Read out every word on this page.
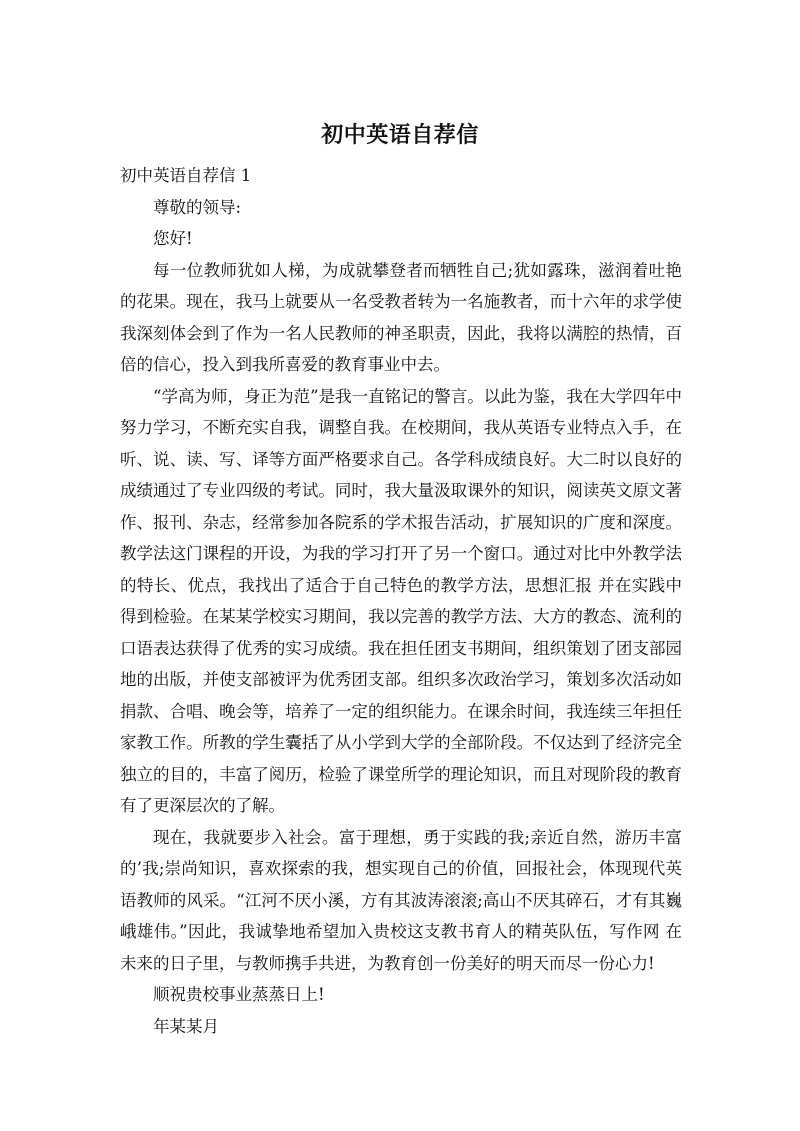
初中英语自荐信

初中英语自荐信 1

尊敬的领导:

您好!

每一位教师犹如人梯，为成就攀登者而牺牲自己;犹如露珠，滋润着吐艳的花果。现在，我马上就要从一名受教者转为一名施教者，而十六年的求学使我深刻体会到了作为一名人民教师的神圣职责，因此，我将以满腔的热情，百倍的信心，投入到我所喜爱的教育事业中去。

“学高为师，身正为范”是我一直铭记的警言。以此为鉴，我在大学四年中努力学习，不断充实自我，调整自我。在校期间，我从英语专业特点入手，在听、说、读、写、译等方面严格要求自己。各学科成绩良好。大二时以良好的成绩通过了专业四级的考试。同时，我大量汲取课外的知识，阅读英文原文著作、报刊、杂志，经常参加各院系的学术报告活动，扩展知识的广度和深度。教学法这门课程的开设，为我的学习打开了另一个窗口。通过对比中外教学法的特长、优点，我找出了适合于自己特色的教学方法，思想汇报 并在实践中得到检验。在某某学校实习期间，我以完善的教学方法、大方的教态、流利的口语表达获得了优秀的实习成绩。我在担任团支书期间，组织策划了团支部园地的出版，并使支部被评为优秀团支部。组织多次政治学习，策划多次活动如捐款、合唱、晚会等，培养了一定的组织能力。在课余时间，我连续三年担任家教工作。所教的学生囊括了从小学到大学的全部阶段。不仅达到了经济完全独立的目的，丰富了阅历，检验了课堂所学的理论知识，而且对现阶段的教育有了更深层次的了解。

现在，我就要步入社会。富于理想，勇于实践的我;亲近自然，游历丰富的’我;崇尚知识，喜欢探索的我，想实现自己的价值，回报社会，体现现代英语教师的风采。“江河不厌小溪，方有其波涛滚滚;高山不厌其碎石，才有其巍峨雄伟。”因此，我诚挚地希望加入贵校这支教书育人的精英队伍，写作网 在未来的日子里，与教师携手共进，为教育创一份美好的明天而尽一份心力!

顺祝贵校事业蒸蒸日上!

年某某月
